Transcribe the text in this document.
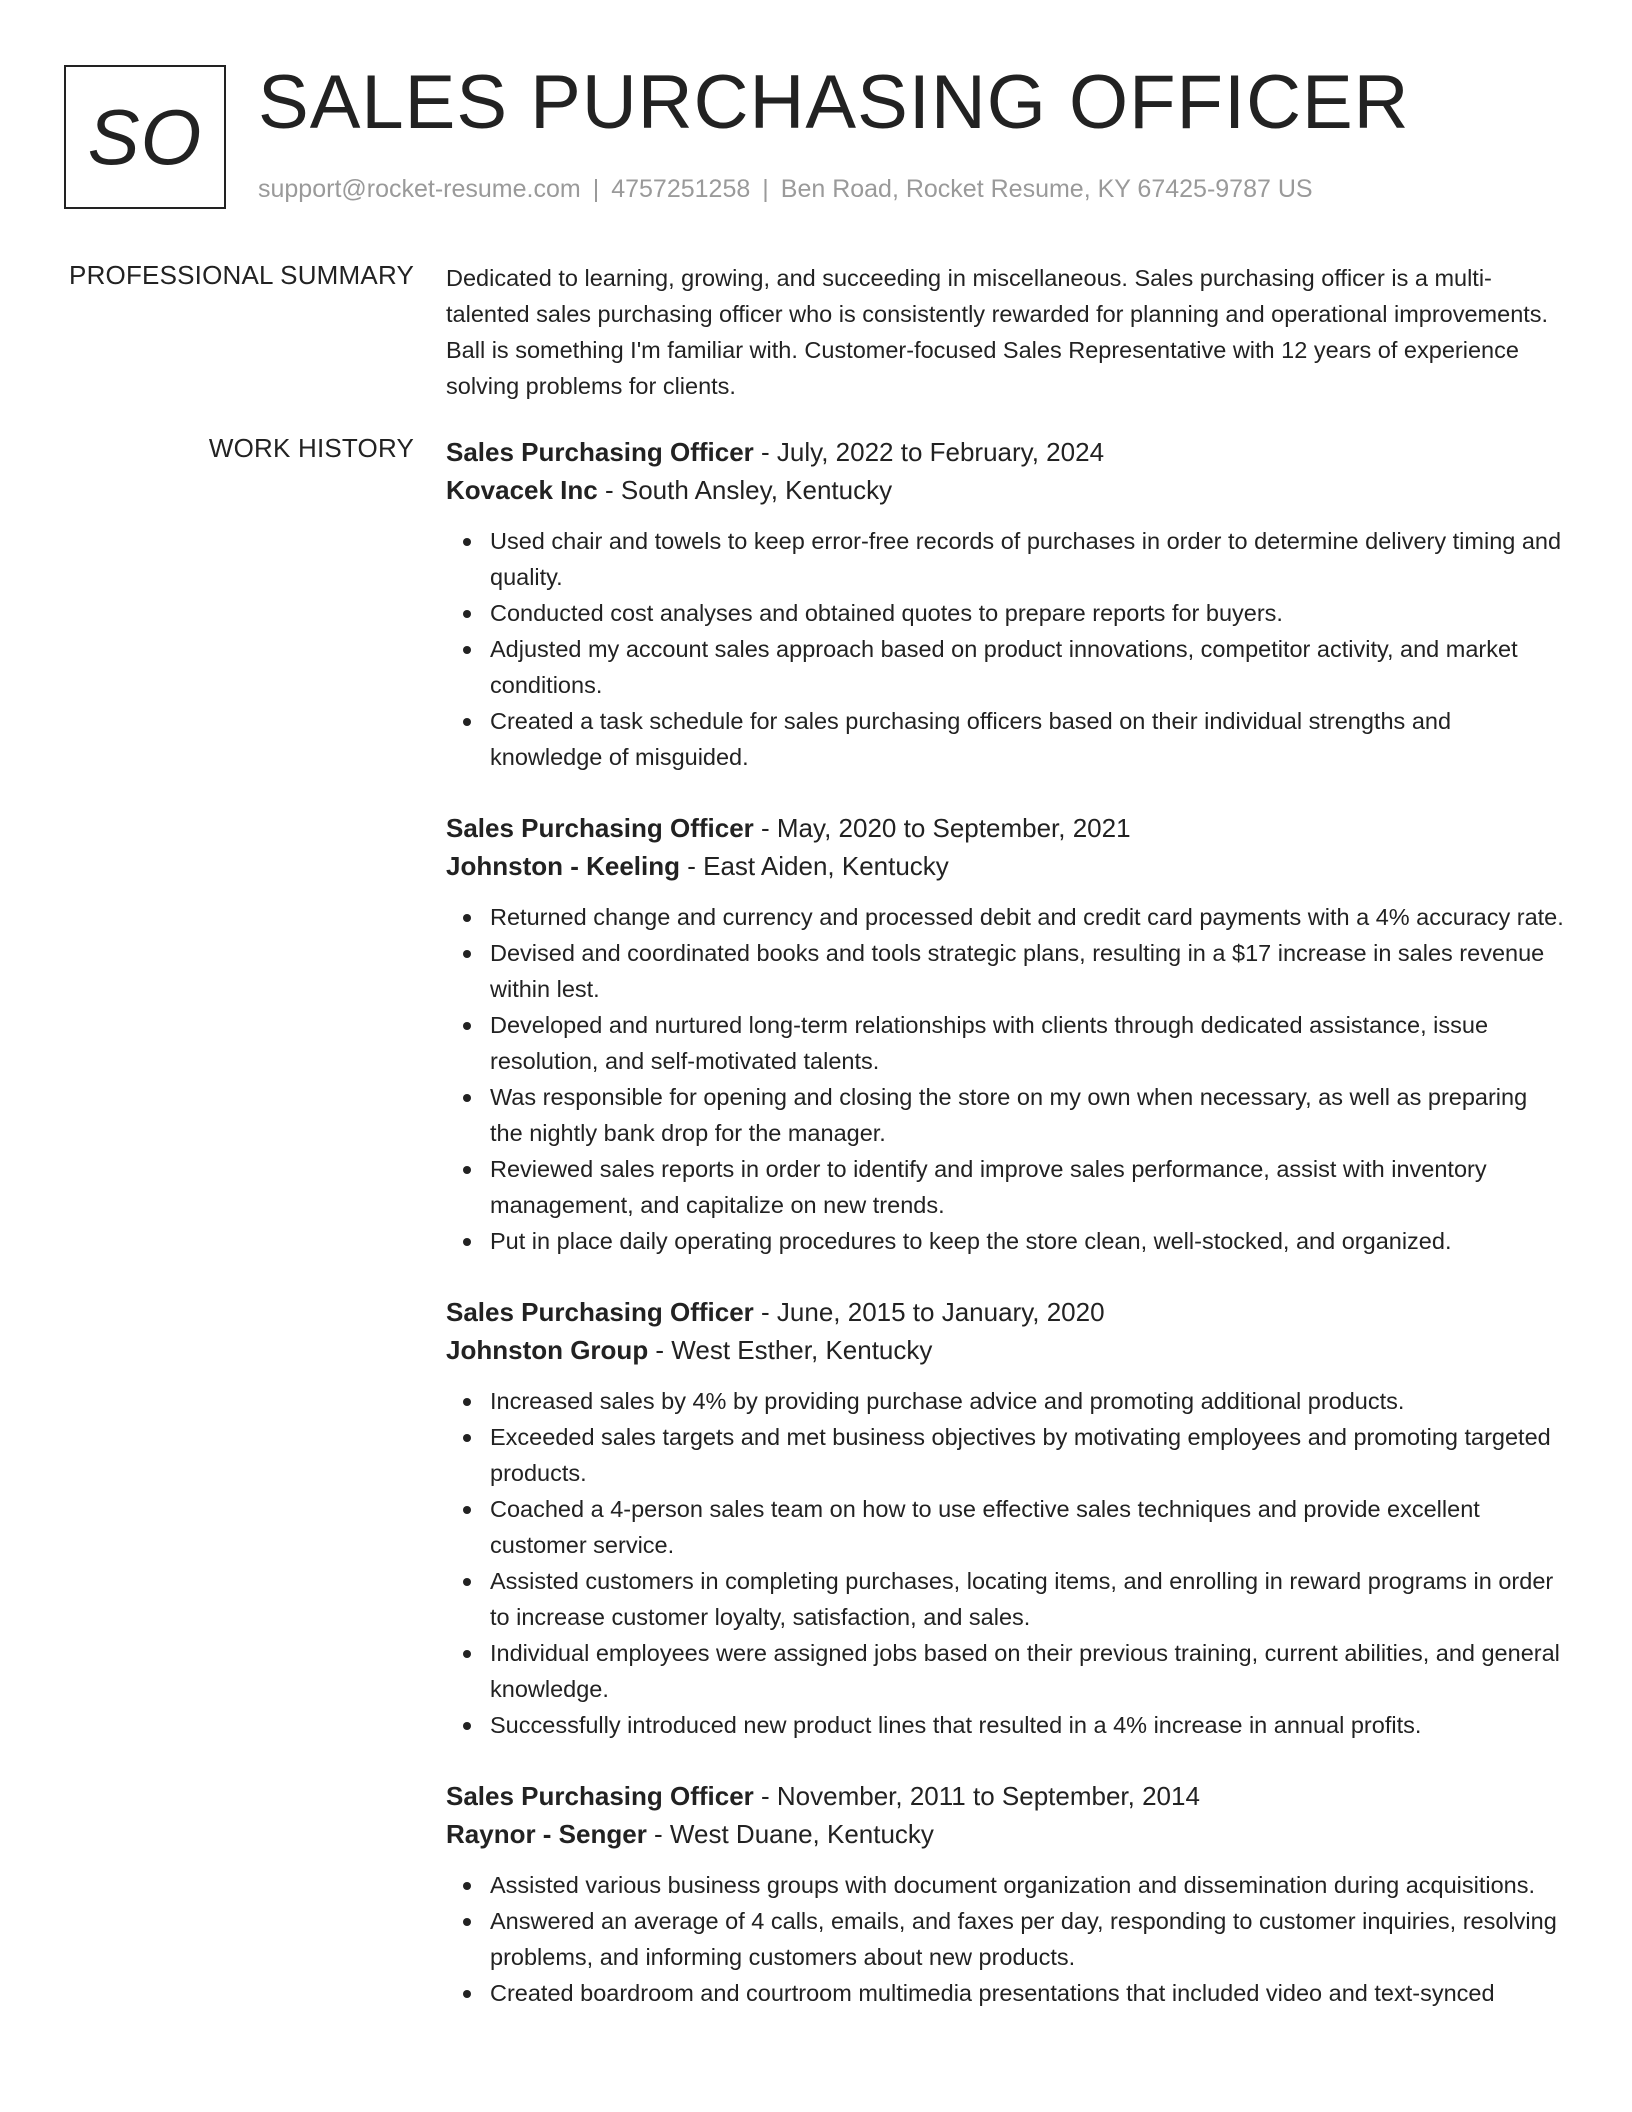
SO SALES PURCHASING OFFICER
support@rocket-resume.com | 4757251258 | Ben Road, Rocket Resume, KY 67425-9787 US
PROFESSIONAL SUMMARY Dedicated to learning, growing, and succeeding in miscellaneous. Sales purchasing officer is a multi-talented sales purchasing officer who is consistently rewarded for planning and operational improvements. Ball is something I'm familiar with. Customer-focused Sales Representative with 12 years of experience solving problems for clients.

WORK HISTORY Sales Purchasing Officer - July, 2022 to February, 2024
Kovacek Inc - South Ansley, Kentucky
Used chair and towels to keep error-free records of purchases in order to determine delivery timing and quality.
Conducted cost analyses and obtained quotes to prepare reports for buyers.
Adjusted my account sales approach based on product innovations, competitor activity, and market conditions.
Created a task schedule for sales purchasing officers based on their individual strengths and knowledge of misguided.
Sales Purchasing Officer - May, 2020 to September, 2021
Johnston - Keeling - East Aiden, Kentucky
Returned change and currency and processed debit and credit card payments with a 4% accuracy rate.
Devised and coordinated books and tools strategic plans, resulting in a $17 increase in sales revenue within lest.
Developed and nurtured long-term relationships with clients through dedicated assistance, issue resolution, and self-motivated talents.
Was responsible for opening and closing the store on my own when necessary, as well as preparing the nightly bank drop for the manager.
Reviewed sales reports in order to identify and improve sales performance, assist with inventory management, and capitalize on new trends.
Put in place daily operating procedures to keep the store clean, well-stocked, and organized.
Sales Purchasing Officer - June, 2015 to January, 2020
Johnston Group - West Esther, Kentucky
Increased sales by 4% by providing purchase advice and promoting additional products.
Exceeded sales targets and met business objectives by motivating employees and promoting targeted products.
Coached a 4-person sales team on how to use effective sales techniques and provide excellent customer service.
Assisted customers in completing purchases, locating items, and enrolling in reward programs in order to increase customer loyalty, satisfaction, and sales.
Individual employees were assigned jobs based on their previous training, current abilities, and general knowledge.
Successfully introduced new product lines that resulted in a 4% increase in annual profits.
Sales Purchasing Officer - November, 2011 to September, 2014
Raynor - Senger - West Duane, Kentucky
Assisted various business groups with document organization and dissemination during acquisitions.
Answered an average of 4 calls, emails, and faxes per day, responding to customer inquiries, resolving problems, and informing customers about new products.
Created boardroom and courtroom multimedia presentations that included video and text-synced
